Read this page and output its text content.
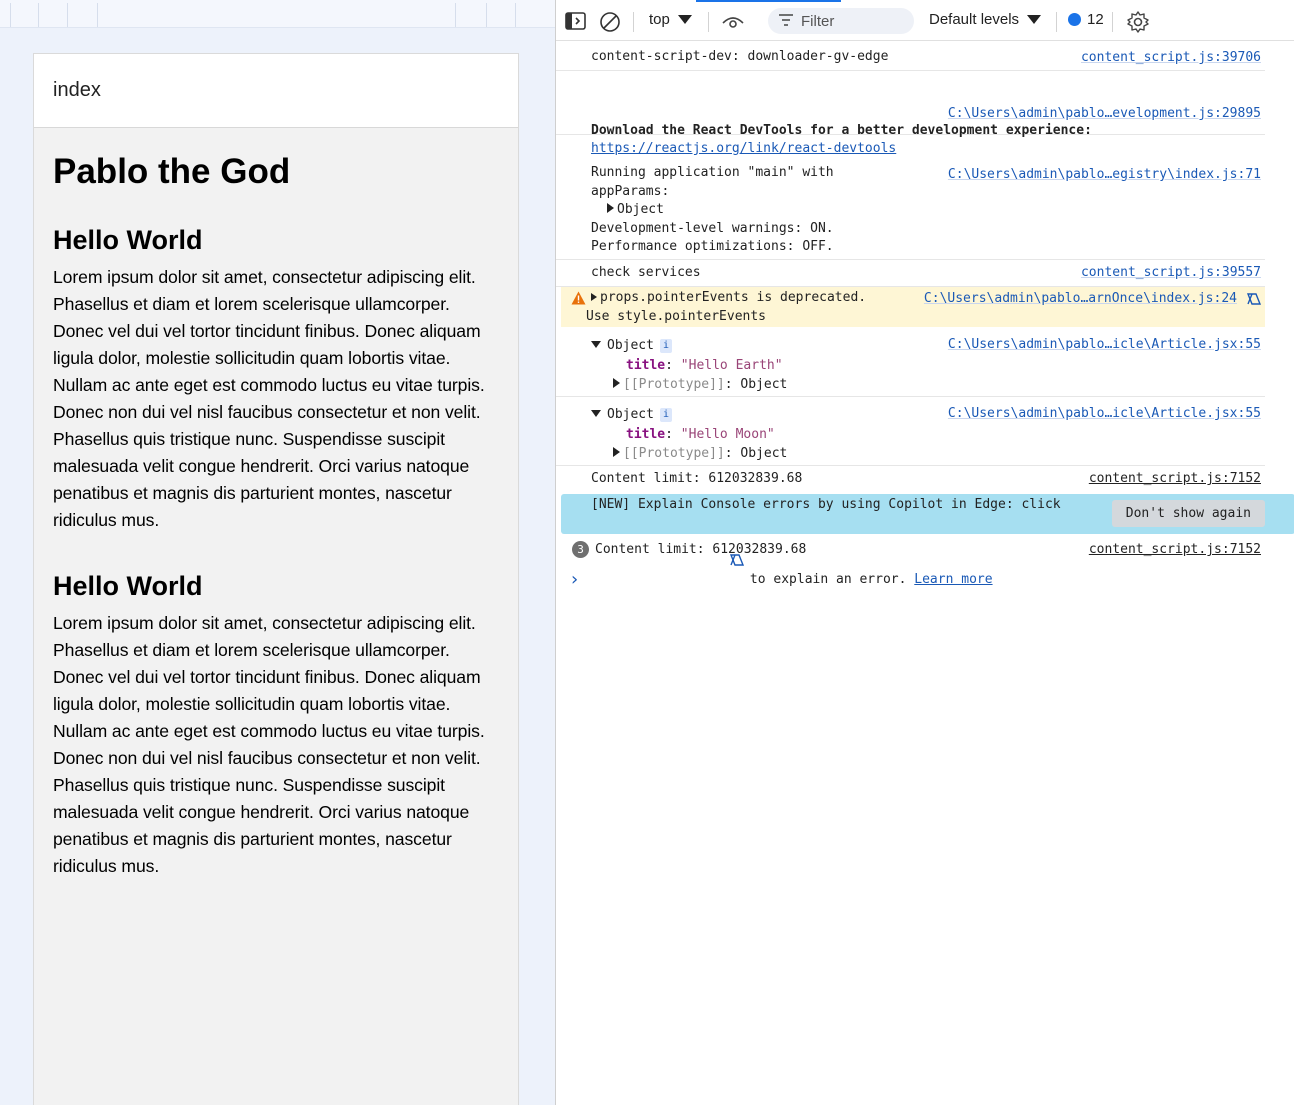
index
Pablo the God
Hello World

Lorem ipsum dolor sit amet, consectetur adipiscing elit.
Phasellus et diam et lorem scelerisque ullamcorper.
Donec vel dui vel tortor tincidunt finibus. Donec aliquam
ligula dolor, molestie sollicitudin quam lobortis vitae.
Nullam ac ante eget est commodo luctus eu vitae turpis.
Donec non dui vel nisl faucibus consectetur et non velit.
Phasellus quis tristique nunc. Suspendisse suscipit
malesuada velit congue hendrerit. Orci varius natoque
penatibus et magnis dis parturient montes, nascetur
ridiculus mus.

Hello World

Lorem ipsum dolor sit amet, consectetur adipiscing elit.
Phasellus et diam et lorem scelerisque ullamcorper.
Donec vel dui vel tortor tincidunt finibus. Donec aliquam
ligula dolor, molestie sollicitudin quam lobortis vitae.
Nullam ac ante eget est commodo luctus eu vitae turpis.
Donec non dui vel nisl faucibus consectetur et non velit.
Phasellus quis tristique nunc. Suspendisse suscipit
malesuada velit congue hendrerit. Orci varius natoque
penatibus et magnis dis parturient montes, nascetur
ridiculus mus.

top
Filter	Default levels	12
content-script-dev: downloader-gv-edge	content_script.js:39706
C:\Users\admin\pablo…evelopment.js:29895
Download the React DevTools for a better development experience:
https://reactjs.org/link/react-devtools
Running application "main" with
appParams:
Object
Development-level warnings: ON.
Performance optimizations: OFF.
C:\Users\admin\pablo…egistry\index.js:71
check services	content_script.js:39557
props.pointerEvents is deprecated.
Use style.pointerEvents
C:\Users\admin\pablo…arnOnce\index.js:24
Object i
title: "Hello Earth"
[[Prototype]]: Object
C:\Users\admin\pablo…icle\Article.jsx:55
Object i
title: "Hello Moon"
[[Prototype]]: Object
C:\Users\admin\pablo…icle\Article.jsx:55
Content limit: 612032839.68	content_script.js:7152
[NEW] Explain Console errors by using Copilot in Edge: click

to explain an error. Learn more

Don't show again
3 Content limit: 612032839.68	content_script.js:7152
›
